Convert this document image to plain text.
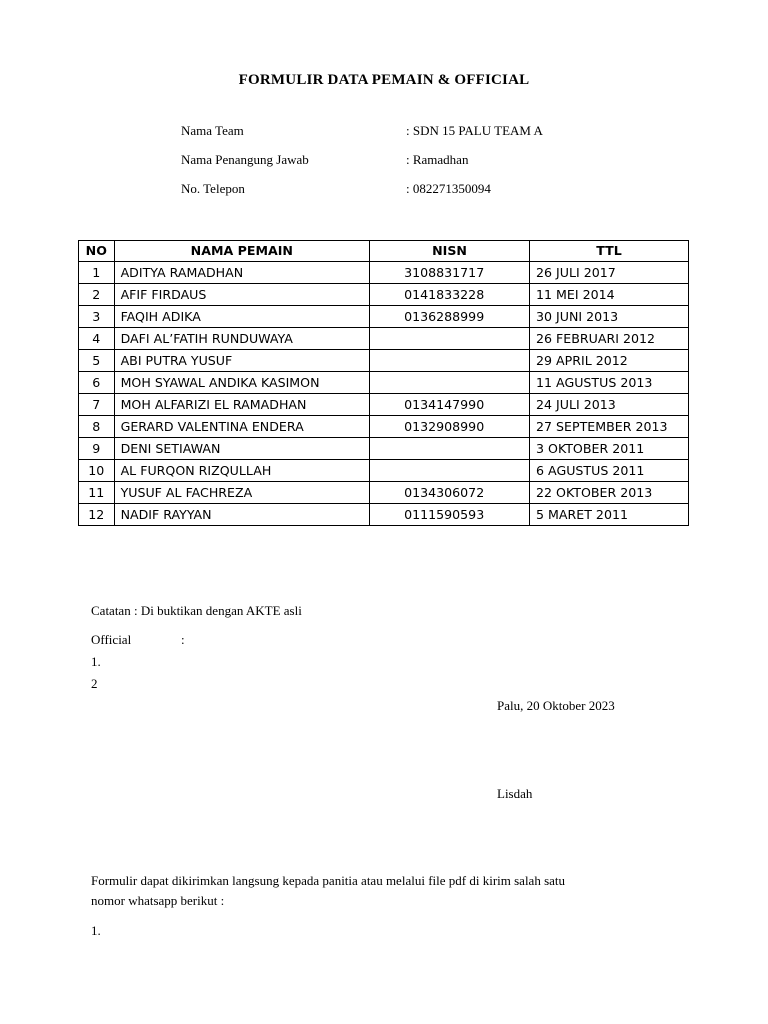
FORMULIR DATA PEMAIN & OFFICIAL
Nama Team	: SDN 15 PALU TEAM A
Nama Penangung Jawab	: Ramadhan
No. Telepon	: 082271350094
NO	NAMA PEMAIN	NISN	TTL
1	ADITYA RAMADHAN	3108831717	26 JULI 2017
2	AFIF FIRDAUS	0141833228	11 MEI 2014
3	FAQIH ADIKA	0136288999	30 JUNI 2013
4	DAFI AL’FATIH RUNDUWAYA		26 FEBRUARI 2012
5	ABI PUTRA YUSUF		29 APRIL 2012
6	MOH SYAWAL ANDIKA KASIMON		11 AGUSTUS 2013
7	MOH ALFARIZI EL RAMADHAN	0134147990	24 JULI 2013
8	GERARD VALENTINA ENDERA	0132908990	27 SEPTEMBER 2013
9	DENI SETIAWAN		3 OKTOBER 2011
10	AL FURQON RIZQULLAH		6 AGUSTUS 2011
11	YUSUF AL FACHREZA	0134306072	22 OKTOBER 2013
12	NADIF RAYYAN	0111590593	5 MARET 2011
Catatan : Di buktikan dengan AKTE asli
Official	:
1.
2
Palu, 20 Oktober 2023
Lisdah
Formulir dapat dikirimkan langsung kepada panitia atau melalui file pdf di kirim salah satu
nomor whatsapp berikut :
1.
